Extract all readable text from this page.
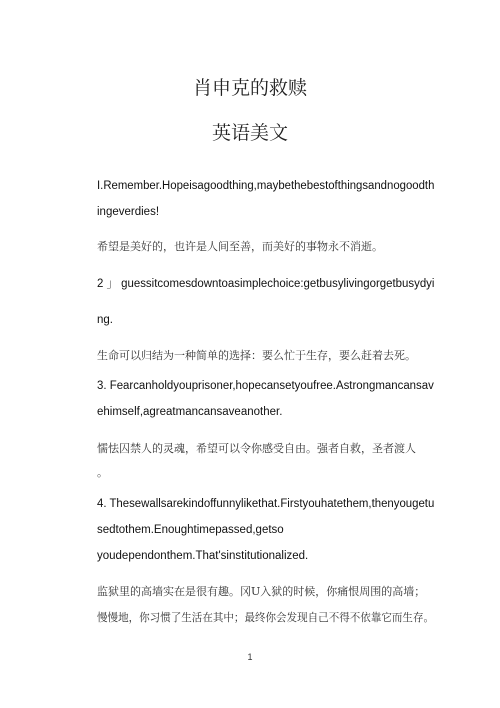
肖申克的救赎
英语美文
I.Remember.Hopeisagoodthing,maybethebestofthingsandnogoodth
ingeverdies!
希望是美好的，也许是人间至善，而美好的事物永不消逝。
2 」 guessitcomesdowntoasimplechoice:getbusylivingorgetbusydyi
ng.
生命可以归结为一种简单的选择：要么忙于生存，要么赶着去死。
3. Fearcanholdyouprisoner,hopecansetyoufree.Astrongmancansav
ehimself,agreatmancansaveanother.
懦怯囚禁人的灵魂，希望可以令你感受自由。强者自救，圣者渡人
。
4. Thesewallsarekindoffunnylikethat.Firstyouhatethem,thenyougetu
sedtothem.Enoughtimepassed,getso
youdependonthem.That'sinstitutionalized.
监狱里的高墙实在是很有趣。冈U入狱的时候，你痛恨周围的高墙；
慢慢地，你习惯了生活在其中；最终你会发现自己不得不依靠它而生存。
1
